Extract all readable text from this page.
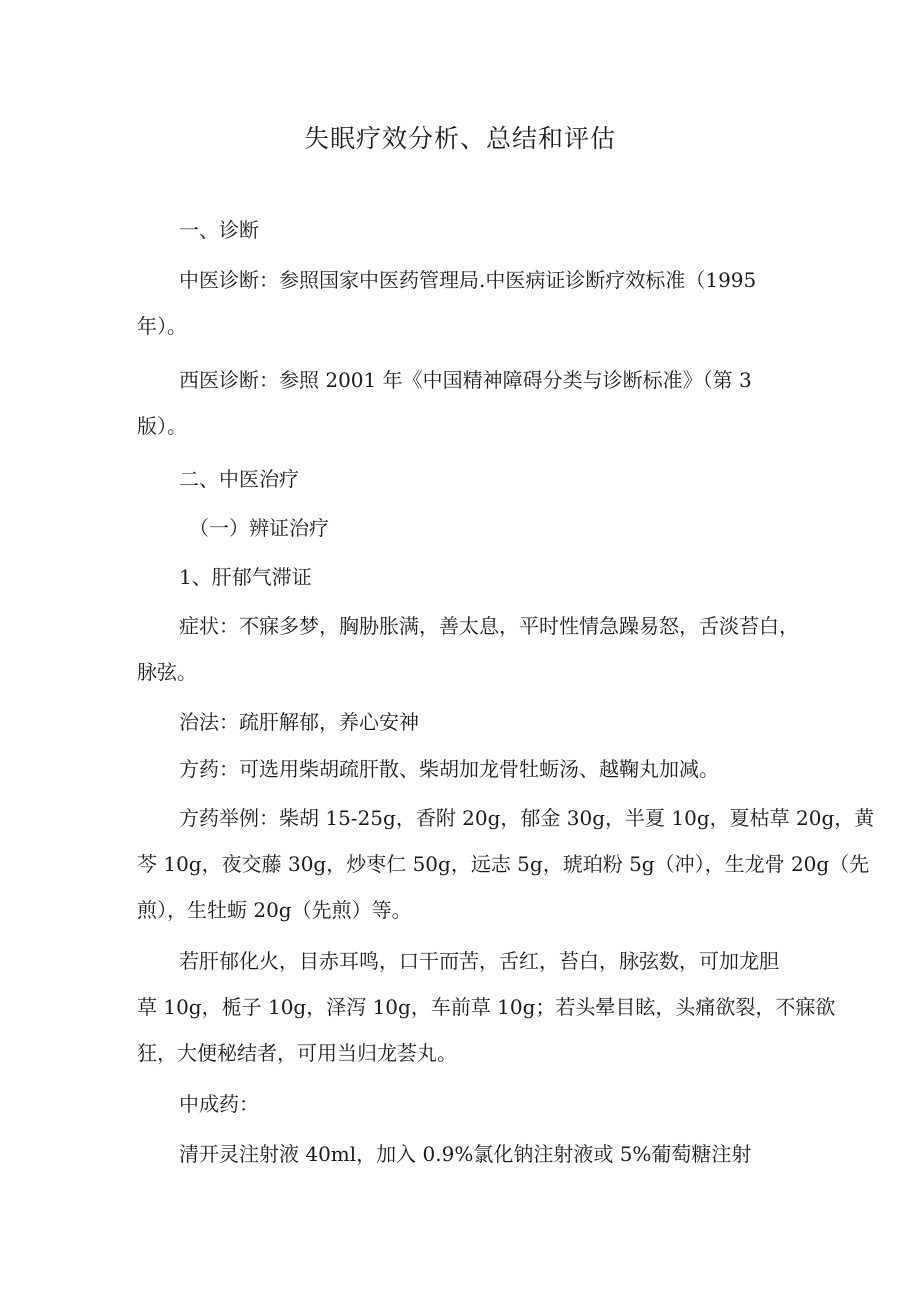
失眠疗效分析、总结和评估
一、诊断
中医诊断：参照国家中医药管理局.中医病证诊断疗效标准（1995
年）。
西医诊断：参照 2001 年《中国精神障碍分类与诊断标准》（第 3
版）。
二、中医治疗
（一）辨证治疗
1、肝郁气滞证
症状：不寐多梦，胸胁胀满，善太息，平时性情急躁易怒，舌淡苔白，
脉弦。
治法：疏肝解郁，养心安神
方药：可选用柴胡疏肝散、柴胡加龙骨牡蛎汤、越鞠丸加减。
方药举例：柴胡 15-25g，香附 20g，郁金 30g，半夏 10g，夏枯草 20g，黄
芩 10g，夜交藤 30g，炒枣仁 50g，远志 5g，琥珀粉 5g（冲），生龙骨 20g（先
煎），生牡蛎 20g（先煎）等。
若肝郁化火，目赤耳鸣，口干而苦，舌红，苔白，脉弦数，可加龙胆
草 10g，栀子 10g，泽泻 10g，车前草 10g；若头晕目眩，头痛欲裂，不寐欲
狂，大便秘结者，可用当归龙荟丸。
中成药：
清开灵注射液 40ml，加入 0.9%氯化钠注射液或 5%葡萄糖注射
